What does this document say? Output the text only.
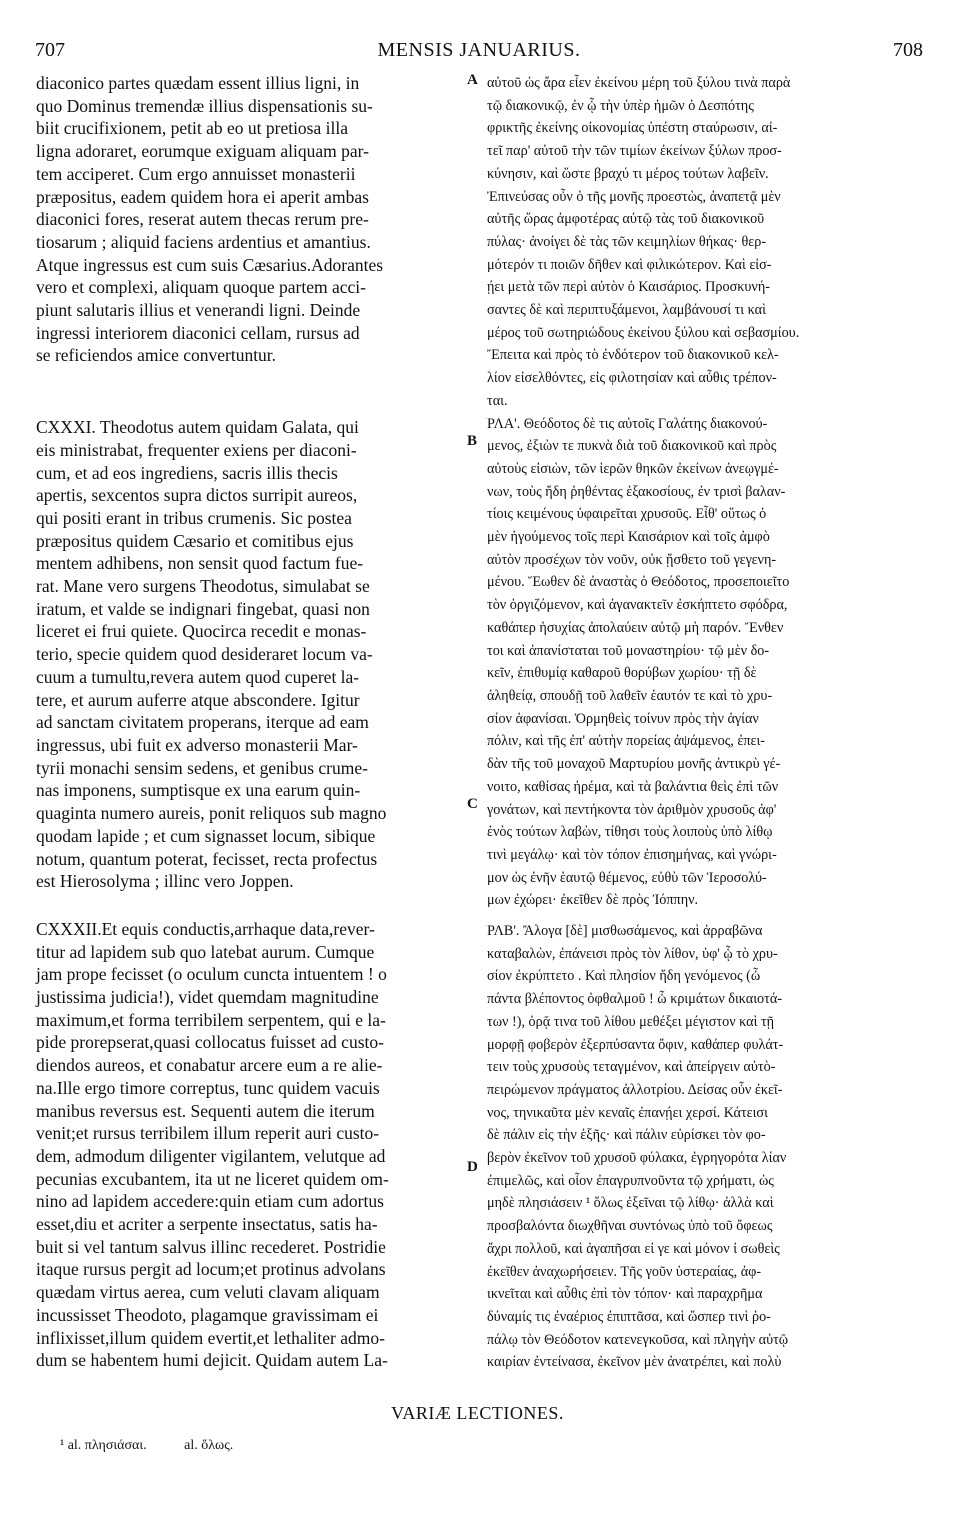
707	MENSIS JANUARIUS.	708

diaconico partes quædam essent illius ligni, in
quo Dominus tremendæ illius dispensationis su-
biit crucifixionem, petit ab eo ut pretiosa illa
ligna adoraret, eorumque exiguam aliquam par-
tem acciperet. Cum ergo annuisset monasterii
præpositus, eadem quidem hora ei aperit ambas
diaconici fores, reserat autem thecas rerum pre-
tiosarum ; aliquid faciens ardentius et amantius.
Atque ingressus est cum suis Cæsarius.Adorantes
vero et complexi, aliquam quoque partem acci-
piunt salutaris illius et venerandi ligni. Deinde
ingressi interiorem diaconici cellam, rursus ad
se reficiendos amice convertuntur.

CXXXI. Theodotus autem quidam Galata, qui
eis ministrabat, frequenter exiens per diaconi-
cum, et ad eos ingrediens, sacris illis thecis
apertis, sexcentos supra dictos surripit aureos,
qui positi erant in tribus crumenis. Sic postea
præpositus quidem Cæsario et comitibus ejus
mentem adhibens, non sensit quod factum fue-
rat. Mane vero surgens Theodotus, simulabat se
iratum, et valde se indignari fingebat, quasi non
liceret ei frui quiete. Quocirca recedit e monas-
terio, specie quidem quod desideraret locum va-
cuum a tumultu,revera autem quod cuperet la-
tere, et aurum auferre atque abscondere. Igitur
ad sanctam civitatem properans, iterque ad eam
ingressus, ubi fuit ex adverso monasterii Mar-
tyrii monachi sensim sedens, et genibus crume-
nas imponens, sumptisque ex una earum quin-
quaginta numero aureis, ponit reliquos sub magno
quodam lapide ; et cum signasset locum, sibique
notum, quantum poterat, fecisset, recta profectus
est Hierosolyma ; illinc vero Joppen.

CXXXII.Et equis conductis,arrhaque data,rever-
titur ad lapidem sub quo latebat aurum. Cumque
jam prope fecisset (o oculum cuncta intuentem ! o
justissima judicia!), videt quemdam magnitudine
maximum,et forma terribilem serpentem, qui e la-
pide prorepserat,quasi collocatus fuisset ad custo-
diendos aureos, et conabatur arcere eum a re alie-
na.Ille ergo timore correptus, tunc quidem vacuis
manibus reversus est. Sequenti autem die iterum
venit;et rursus terribilem illum reperit auri custo-
dem, admodum diligenter vigilantem, velutque ad
pecunias excubantem, ita ut ne liceret quidem om-
nino ad lapidem accedere:quin etiam cum adortus
esset,diu et acriter a serpente insectatus, satis ha-
buit si vel tantum salvus illinc recederet. Postridie
itaque rursus pergit ad locum;et protinus advolans
quædam virtus aerea, cum veluti clavam aliquam
incussisset Theodoto, plagamque gravissimam ei
inflixisset,illum quidem evertit,et lethaliter admo-
dum se habentem humi dejicit. Quidam autem La-

αὐτοῦ ὡς ἄρα εἶεν ἐκείνου μέρη τοῦ ξύλου τινὰ παρὰ
τῷ διακονικῷ, ἐν ᾧ τὴν ὑπὲρ ἡμῶν ὁ Δεσπότης
φρικτῆς ἐκείνης οἰκονομίας ὑπέστη σταύρωσιν, αἰ-
τεῖ παρ' αὐτοῦ τὴν τῶν τιμίων ἐκείνων ξύλων προσ-
κύνησιν, καὶ ὥστε βραχύ τι μέρος τούτων λαβεῖν.
Ἐπινεύσας οὖν ὁ τῆς μονῆς προεστὼς, ἀναπετᾷ μὲν
αὐτῆς ὥρας ἀμφοτέρας αὐτῷ τὰς τοῦ διακονικοῦ
πύλας· ἀνοίγει δὲ τὰς τῶν κειμηλίων θήκας· θερ-
μότερόν τι ποιῶν δῆθεν καὶ φιλικώτερον. Καὶ εἰσ-
ῄει μετὰ τῶν περὶ αὐτὸν ὁ Καισάριος. Προσκυνή-
σαντες δὲ καὶ περιπτυξάμενοι, λαμβάνουσί τι καὶ
μέρος τοῦ σωτηριώδους ἐκείνου ξύλου καὶ σεβασμίου.
Ἔπειτα καὶ πρὸς τὸ ἐνδότερον τοῦ διακονικοῦ κελ-
λίον εἰσελθόντες, εἰς φιλοτησίαν καὶ αὖθις τρέπον-
ται.

ΡΛΑ'. Θεόδοτος δὲ τις αὐτοῖς Γαλάτης διακονού-
μενος, ἐξιὼν τε πυκνὰ διὰ τοῦ διακονικοῦ καὶ πρὸς
αὐτοὺς εἰσιὼν, τῶν ἱερῶν θηκῶν ἐκείνων ἀνεῳγμέ-
νων, τοὺς ἤδη ῥηθέντας ἑξακοσίους, ἐν τρισὶ βαλαν-
τίοις κειμένους ὑφαιρεῖται χρυσοῦς. Εἶθ' οὕτως ὁ
μὲν ἡγούμενος τοῖς περὶ Καισάριον καὶ τοῖς ἀμφὸ
αὐτὸν προσέχων τὸν νοῦν, οὐκ ᾔσθετο τοῦ γεγενη-
μένου. Ἕωθεν δὲ ἀναστὰς ὁ Θεόδοτος, προσεποιεῖτο
τὸν ὀργιζόμενον, καὶ ἀγανακτεῖν ἐσκήπτετο σφόδρα,
καθάπερ ἡσυχίας ἀπολαύειν αὐτῷ μὴ παρόν. Ἔνθεν
τοι καὶ ἀπανίσταται τοῦ μοναστηρίου· τῷ μὲν δο-
κεῖν, ἐπιθυμίᾳ καθαροῦ θορύβων χωρίου· τῇ δὲ
ἀληθείᾳ, σπουδῇ τοῦ λαθεῖν ἑαυτόν τε καὶ τὸ χρυ-
σίον ἀφανίσαι. Ὁρμηθεὶς τοίνυν πρὸς τὴν ἁγίαν
πόλιν, καὶ τῆς ἐπ' αὐτὴν πορείας ἀψάμενος, ἐπει-
δὰν τῆς τοῦ μοναχοῦ Μαρτυρίου μονῆς ἀντικρὺ γέ-
νοιτο, καθίσας ἠρέμα, καὶ τὰ βαλάντια θεὶς ἐπὶ τῶν
γονάτων, καὶ πεντήκοντα τὸν ἀριθμὸν χρυσοῦς ἀφ'
ἑνὸς τούτων λαβὼν, τίθησι τοὺς λοιποὺς ὑπὸ λίθῳ
τινὶ μεγάλῳ· καὶ τὸν τόπον ἐπισημήνας, καὶ γνώρι-
μον ὡς ἐνῆν ἑαυτῷ θέμενος, εὐθὺ τῶν Ἱεροσολύ-
μων ἐχώρει· ἐκεῖθεν δὲ πρὸς Ἰόππην.

ΡΛΒ'. Ἄλογα [δὲ] μισθωσάμενος, καὶ ἀρραβῶνα
καταβαλὼν, ἐπάνεισι πρὸς τὸν λίθον, ὑφ' ᾧ τὸ χρυ-
σίον ἐκρύπτετο . Καὶ πλησίον ἤδη γενόμενος (ὦ
πάντα βλέποντος ὀφθαλμοῦ ! ὦ κριμάτων δικαιοτά-
των !), ὁρᾷ τινα τοῦ λίθου μεθέξει μέγιστον καὶ τῇ
μορφῇ φοβερὸν ἐξερπύσαντα ὄφιν, καθάπερ φυλάτ-
τειν τοὺς χρυσοὺς τεταγμένον, καὶ ἀπείργειν αὐτὸ-
πειρώμενον πράγματος ἀλλοτρίου. Δείσας οὖν ἐκεῖ-
νος, τηνικαῦτα μὲν κεναῖς ἐπανῄει χερσί. Κάτεισι
δὲ πάλιν εἰς τὴν ἑξῆς· καὶ πάλιν εὑρίσκει τὸν φο-
βερὸν ἐκεῖνον τοῦ χρυσοῦ φύλακα, ἐγρηγορότα λίαν
ἐπιμελῶς, καὶ οἷον ἐπαγρυπνοῦντα τῷ χρήματι, ὡς
μηδὲ πλησιάσειν ¹ ὅλως ἐξεῖναι τῷ λίθῳ· ἀλλὰ καὶ
προσβαλόντα διωχθῆναι συντόνως ὑπὸ τοῦ ὄφεως
ἄχρι πολλοῦ, καὶ ἀγαπῆσαι εἰ γε καὶ μόνον ἰ σωθεὶς
ἐκεῖθεν ἀναχωρήσειεν. Τῆς γοῦν ὑστεραίας, ἀφ-
ικνεῖται καὶ αὖθις ἐπὶ τὸν τόπον· καὶ παραχρῆμα
δύναμίς τις ἐναέριος ἐπιπτᾶσα, καὶ ὥσπερ τινὶ ῥο-
πάλῳ τὸν Θεόδοτον κατενεγκοῦσα, καὶ πληγὴν αὐτῷ
καιρίαν ἐντείνασα, ἐκεῖνον μὲν ἀνατρέπει, καὶ πολὺ

A
B
C
D
VARIÆ LECTIONES.
¹ al. πλησιάσαι.	al. ὅλως.
